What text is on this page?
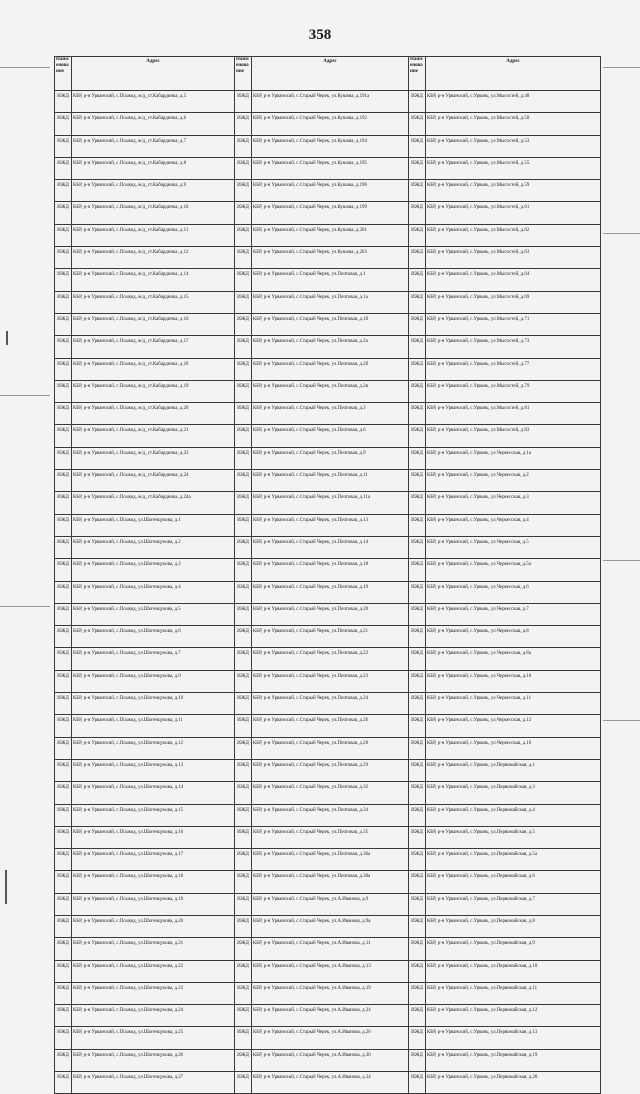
358
Наим енова ние	Адрес	Наим енова ние	Адрес	Наим енова ние	Адрес
ИЖД	КБР, р-н Урванский, с.Псыкод, ж/д_ст.Кабардинка, д.5	ИЖД	КБР, р-н Урванский, с.Старый Черек, ул.Кушова, д.191а	ИЖД	КБР, р-н Урванский, с.Урвань, ул.Мысостей, д.48
ИЖД	КБР, р-н Урванский, с.Псыкод, ж/д_ст.Кабардинка, д.6	ИЖД	КБР, р-н Урванский, с.Старый Черек, ул.Кушова, д.192	ИЖД	КБР, р-н Урванский, с.Урвань, ул.Мысостей, д.50
ИЖД	КБР, р-н Урванский, с.Псыкод, ж/д_ст.Кабардинка, д.7	ИЖД	КБР, р-н Урванский, с.Старый Черек, ул.Кушова, д.194	ИЖД	КБР, р-н Урванский, с.Урвань, ул.Мысостей, д.53
ИЖД	КБР, р-н Урванский, с.Псыкод, ж/д_ст.Кабардинка, д.8	ИЖД	КБР, р-н Урванский, с.Старый Черек, ул.Кушова, д.195	ИЖД	КБР, р-н Урванский, с.Урвань, ул.Мысостей, д.55
ИЖД	КБР, р-н Урванский, с.Псыкод, ж/д_ст.Кабардинка, д.9	ИЖД	КБР, р-н Урванский, с.Старый Черек, ул.Кушова, д.196	ИЖД	КБР, р-н Урванский, с.Урвань, ул.Мысостей, д.59
ИЖД	КБР, р-н Урванский, с.Псыкод, ж/д_ст.Кабардинка, д.10	ИЖД	КБР, р-н Урванский, с.Старый Черек, ул.Кушова, д.199	ИЖД	КБР, р-н Урванский, с.Урвань, ул.Мысостей, д.61
ИЖД	КБР, р-н Урванский, с.Псыкод, ж/д_ст.Кабардинка, д.11	ИЖД	КБР, р-н Урванский, с.Старый Черек, ул.Кушова, д.201	ИЖД	КБР, р-н Урванский, с.Урвань, ул.Мысостей, д.62
ИЖД	КБР, р-н Урванский, с.Псыкод, ж/д_ст.Кабардинка, д.12	ИЖД	КБР, р-н Урванский, с.Старый Черек, ул.Кушова, д.203	ИЖД	КБР, р-н Урванский, с.Урвань, ул.Мысостей, д.63
ИЖД	КБР, р-н Урванский, с.Псыкод, ж/д_ст.Кабардинка, д.14	ИЖД	КБР, р-н Урванский, с.Старый Черек, ул.Почтовая, д.1	ИЖД	КБР, р-н Урванский, с.Урвань, ул.Мысостей, д.64
ИЖД	КБР, р-н Урванский, с.Псыкод, ж/д_ст.Кабардинка, д.15	ИЖД	КБР, р-н Урванский, с.Старый Черек, ул.Почтовая, д.1а	ИЖД	КБР, р-н Урванский, с.Урвань, ул.Мысостей, д.69
ИЖД	КБР, р-н Урванский, с.Псыкод, ж/д_ст.Кабардинка, д.16	ИЖД	КБР, р-н Урванский, с.Старый Черек, ул.Почтовая, д.1б	ИЖД	КБР, р-н Урванский, с.Урвань, ул.Мысостей, д.71
ИЖД	КБР, р-н Урванский, с.Псыкод, ж/д_ст.Кабардинка, д.17	ИЖД	КБР, р-н Урванский, с.Старый Черек, ул.Почтовая, д.2а	ИЖД	КБР, р-н Урванский, с.Урвань, ул.Мысостей, д.73
ИЖД	КБР, р-н Урванский, с.Псыкод, ж/д_ст.Кабардинка, д.18	ИЖД	КБР, р-н Урванский, с.Старый Черек, ул.Почтовая, д.2б	ИЖД	КБР, р-н Урванский, с.Урвань, ул.Мысостей, д.77
ИЖД	КБР, р-н Урванский, с.Псыкод, ж/д_ст.Кабардинка, д.19	ИЖД	КБР, р-н Урванский, с.Старый Черек, ул.Почтовая, д.2в	ИЖД	КБР, р-н Урванский, с.Урвань, ул.Мысостей, д.79
ИЖД	КБР, р-н Урванский, с.Псыкод, ж/д_ст.Кабардинка, д.20	ИЖД	КБР, р-н Урванский, с.Старый Черек, ул.Почтовая, д.3	ИЖД	КБР, р-н Урванский, с.Урвань, ул.Мысостей, д.81
ИЖД	КБР, р-н Урванский, с.Псыкод, ж/д_ст.Кабардинка, д.21	ИЖД	КБР, р-н Урванский, с.Старый Черек, ул.Почтовая, д.6	ИЖД	КБР, р-н Урванский, с.Урвань, ул.Мысостей, д.83
ИЖД	КБР, р-н Урванский, с.Псыкод, ж/д_ст.Кабардинка, д.23	ИЖД	КБР, р-н Урванский, с.Старый Черек, ул.Почтовая, д.9	ИЖД	КБР, р-н Урванский, с.Урвань, ул.Черкесская, д.1а
ИЖД	КБР, р-н Урванский, с.Псыкод, ж/д_ст.Кабардинка, д.24	ИЖД	КБР, р-н Урванский, с.Старый Черек, ул.Почтовая, д.11	ИЖД	КБР, р-н Урванский, с.Урвань, ул.Черкесская, д.2
ИЖД	КБР, р-н Урванский, с.Псыкод, ж/д_ст.Кабардинка, д.24а	ИЖД	КБР, р-н Урванский, с.Старый Черек, ул.Почтовая, д.11а	ИЖД	КБР, р-н Урванский, с.Урвань, ул.Черкесская, д.3
ИЖД	КБР, р-н Урванский, с.Псыкод, ул.Шогенцукова, д.1	ИЖД	КБР, р-н Урванский, с.Старый Черек, ул.Почтовая, д.13	ИЖД	КБР, р-н Урванский, с.Урвань, ул.Черкесская, д.4
ИЖД	КБР, р-н Урванский, с.Псыкод, ул.Шогенцукова, д.2	ИЖД	КБР, р-н Урванский, с.Старый Черек, ул.Почтовая, д.14	ИЖД	КБР, р-н Урванский, с.Урвань, ул.Черкесская, д.5
ИЖД	КБР, р-н Урванский, с.Псыкод, ул.Шогенцукова, д.3	ИЖД	КБР, р-н Урванский, с.Старый Черек, ул.Почтовая, д.18	ИЖД	КБР, р-н Урванский, с.Урвань, ул.Черкесская, д.5а
ИЖД	КБР, р-н Урванский, с.Псыкод, ул.Шогенцукова, д.4	ИЖД	КБР, р-н Урванский, с.Старый Черек, ул.Почтовая, д.19	ИЖД	КБР, р-н Урванский, с.Урвань, ул.Черкесская, д.6
ИЖД	КБР, р-н Урванский, с.Псыкод, ул.Шогенцукова, д.5	ИЖД	КБР, р-н Урванский, с.Старый Черек, ул.Почтовая, д.20	ИЖД	КБР, р-н Урванский, с.Урвань, ул.Черкесская, д.7
ИЖД	КБР, р-н Урванский, с.Псыкод, ул.Шогенцукова, д.6	ИЖД	КБР, р-н Урванский, с.Старый Черек, ул.Почтовая, д.21	ИЖД	КБР, р-н Урванский, с.Урвань, ул.Черкесская, д.8
ИЖД	КБР, р-н Урванский, с.Псыкод, ул.Шогенцукова, д.7	ИЖД	КБР, р-н Урванский, с.Старый Черек, ул.Почтовая, д.22	ИЖД	КБР, р-н Урванский, с.Урвань, ул.Черкесская, д.8а
ИЖД	КБР, р-н Урванский, с.Псыкод, ул.Шогенцукова, д.9	ИЖД	КБР, р-н Урванский, с.Старый Черек, ул.Почтовая, д.23	ИЖД	КБР, р-н Урванский, с.Урвань, ул.Черкесская, д.10
ИЖД	КБР, р-н Урванский, с.Псыкод, ул.Шогенцукова, д.10	ИЖД	КБР, р-н Урванский, с.Старый Черек, ул.Почтовая, д.24	ИЖД	КБР, р-н Урванский, с.Урвань, ул.Черкесская, д.11
ИЖД	КБР, р-н Урванский, с.Псыкод, ул.Шогенцукова, д.11	ИЖД	КБР, р-н Урванский, с.Старый Черек, ул.Почтовая, д.26	ИЖД	КБР, р-н Урванский, с.Урвань, ул.Черкесская, д.12
ИЖД	КБР, р-н Урванский, с.Псыкод, ул.Шогенцукова, д.12	ИЖД	КБР, р-н Урванский, с.Старый Черек, ул.Почтовая, д.28	ИЖД	КБР, р-н Урванский, с.Урвань, ул.Черкесская, д.16
ИЖД	КБР, р-н Урванский, с.Псыкод, ул.Шогенцукова, д.13	ИЖД	КБР, р-н Урванский, с.Старый Черек, ул.Почтовая, д.29	ИЖД	КБР, р-н Урванский, с.Урвань, ул.Первомайская, д.1
ИЖД	КБР, р-н Урванский, с.Псыкод, ул.Шогенцукова, д.14	ИЖД	КБР, р-н Урванский, с.Старый Черек, ул.Почтовая, д.32	ИЖД	КБР, р-н Урванский, с.Урвань, ул.Первомайская, д.3
ИЖД	КБР, р-н Урванский, с.Псыкод, ул.Шогенцукова, д.15	ИЖД	КБР, р-н Урванский, с.Старый Черек, ул.Почтовая, д.34	ИЖД	КБР, р-н Урванский, с.Урвань, ул.Первомайская, д.4
ИЖД	КБР, р-н Урванский, с.Псыкод, ул.Шогенцукова, д.16	ИЖД	КБР, р-н Урванский, с.Старый Черек, ул.Почтовая, д.35	ИЖД	КБР, р-н Урванский, с.Урвань, ул.Первомайская, д.5
ИЖД	КБР, р-н Урванский, с.Псыкод, ул.Шогенцукова, д.17	ИЖД	КБР, р-н Урванский, с.Старый Черек, ул.Почтовая, д.36а	ИЖД	КБР, р-н Урванский, с.Урвань, ул.Первомайская, д.5а
ИЖД	КБР, р-н Урванский, с.Псыкод, ул.Шогенцукова, д.18	ИЖД	КБР, р-н Урванский, с.Старый Черек, ул.Почтовая, д.38а	ИЖД	КБР, р-н Урванский, с.Урвань, ул.Первомайская, д.6
ИЖД	КБР, р-н Урванский, с.Псыкод, ул.Шогенцукова, д.19	ИЖД	КБР, р-н Урванский, с.Старый Черек, ул.А.Иванова, д.9	ИЖД	КБР, р-н Урванский, с.Урвань, ул.Первомайская, д.7
ИЖД	КБР, р-н Урванский, с.Псыкод, ул.Шогенцукова, д.20	ИЖД	КБР, р-н Урванский, с.Старый Черек, ул.А.Иванова, д.9а	ИЖД	КБР, р-н Урванский, с.Урвань, ул.Первомайская, д.8
ИЖД	КБР, р-н Урванский, с.Псыкод, ул.Шогенцукова, д.21	ИЖД	КБР, р-н Урванский, с.Старый Черек, ул.А.Иванова, д.11	ИЖД	КБР, р-н Урванский, с.Урвань, ул.Первомайская, д.9
ИЖД	КБР, р-н Урванский, с.Псыкод, ул.Шогенцукова, д.22	ИЖД	КБР, р-н Урванский, с.Старый Черек, ул.А.Иванова, д.13	ИЖД	КБР, р-н Урванский, с.Урвань, ул.Первомайская, д.10
ИЖД	КБР, р-н Урванский, с.Псыкод, ул.Шогенцукова, д.23	ИЖД	КБР, р-н Урванский, с.Старый Черек, ул.А.Иванова, д.19	ИЖД	КБР, р-н Урванский, с.Урвань, ул.Первомайская, д.11
ИЖД	КБР, р-н Урванский, с.Псыкод, ул.Шогенцукова, д.24	ИЖД	КБР, р-н Урванский, с.Старый Черек, ул.А.Иванова, д.24	ИЖД	КБР, р-н Урванский, с.Урвань, ул.Первомайская, д.12
ИЖД	КБР, р-н Урванский, с.Псыкод, ул.Шогенцукова, д.25	ИЖД	КБР, р-н Урванский, с.Старый Черек, ул.А.Иванова, д.26	ИЖД	КБР, р-н Урванский, с.Урвань, ул.Первомайская, д.13
ИЖД	КБР, р-н Урванский, с.Псыкод, ул.Шогенцукова, д.26	ИЖД	КБР, р-н Урванский, с.Старый Черек, ул.А.Иванова, д.30	ИЖД	КБР, р-н Урванский, с.Урвань, ул.Первомайская, д.19
ИЖД	КБР, р-н Урванский, с.Псыкод, ул.Шогенцукова, д.27	ИЖД	КБР, р-н Урванский, с.Старый Черек, ул.А.Иванова, д.34	ИЖД	КБР, р-н Урванский, с.Урвань, ул.Первомайская, д.20
